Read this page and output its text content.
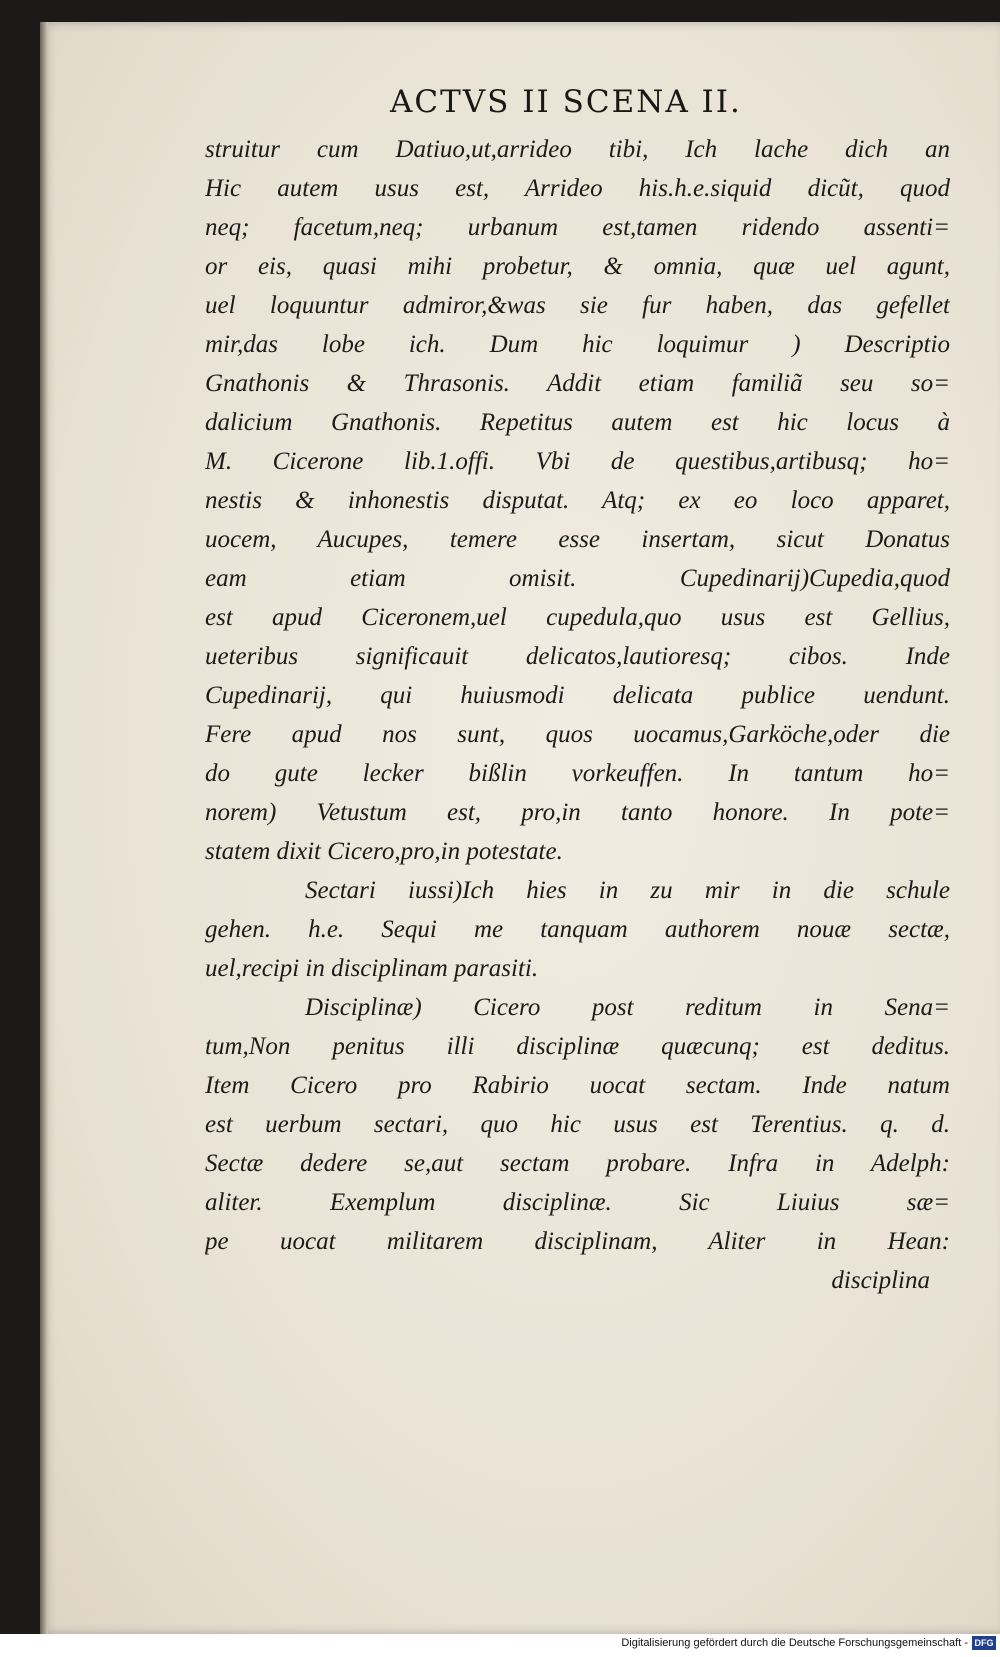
ACTVS II SCENA II.
struitur cum Datiuo,ut,arrideo tibi, Ich lache dich an
Hic autem usus est, Arrideo his.h.e.siquid dicũt, quod
neq; facetum,neq; urbanum est,tamen ridendo assenti=
or eis, quasi mihi probetur, & omnia, quæ uel agunt,
uel loquuntur admiror,&was sie fur haben, das gefellet
mir,das lobe ich. Dum hic loquimur ) Descriptio
Gnathonis & Thrasonis. Addit etiam familiã seu so=
dalicium Gnathonis. Repetitus autem est hic locus à
M. Cicerone lib.1.offi. Vbi de questibus,artibusq; ho=
nestis & inhonestis disputat. Atq; ex eo loco apparet,
uocem, Aucupes, temere esse insertam, sicut Donatus
eam etiam omisit. Cupedinarij)Cupedia,quod
est apud Ciceronem,uel cupedula,quo usus est Gellius,
ueteribus significauit delicatos,lautioresq; cibos. Inde
Cupedinarij, qui huiusmodi delicata publice uendunt.
Fere apud nos sunt, quos uocamus,Garköche,oder die
do gute lecker bißlin vorkeuffen. In tantum ho=
norem) Vetustum est, pro,in tanto honore. In pote=
statem dixit Cicero,pro,in potestate.
Sectari iussi)Ich hies in zu mir in die schule
gehen. h.e. Sequi me tanquam authorem nouæ sectæ,
uel,recipi in disciplinam parasiti.
Disciplinæ) Cicero post reditum in Sena=
tum,Non penitus illi disciplinæ quæcunq; est deditus.
Item Cicero pro Rabirio uocat sectam. Inde natum
est uerbum sectari, quo hic usus est Terentius. q. d.
Sectæ dedere se,aut sectam probare. Infra in Adelph:
aliter. Exemplum disciplinæ. Sic Liuius sæ=
pe uocat militarem disciplinam, Aliter in Hean:
disciplina
Digitalisierung gefördert durch die Deutsche Forschungsgemeinschaft - DFG
